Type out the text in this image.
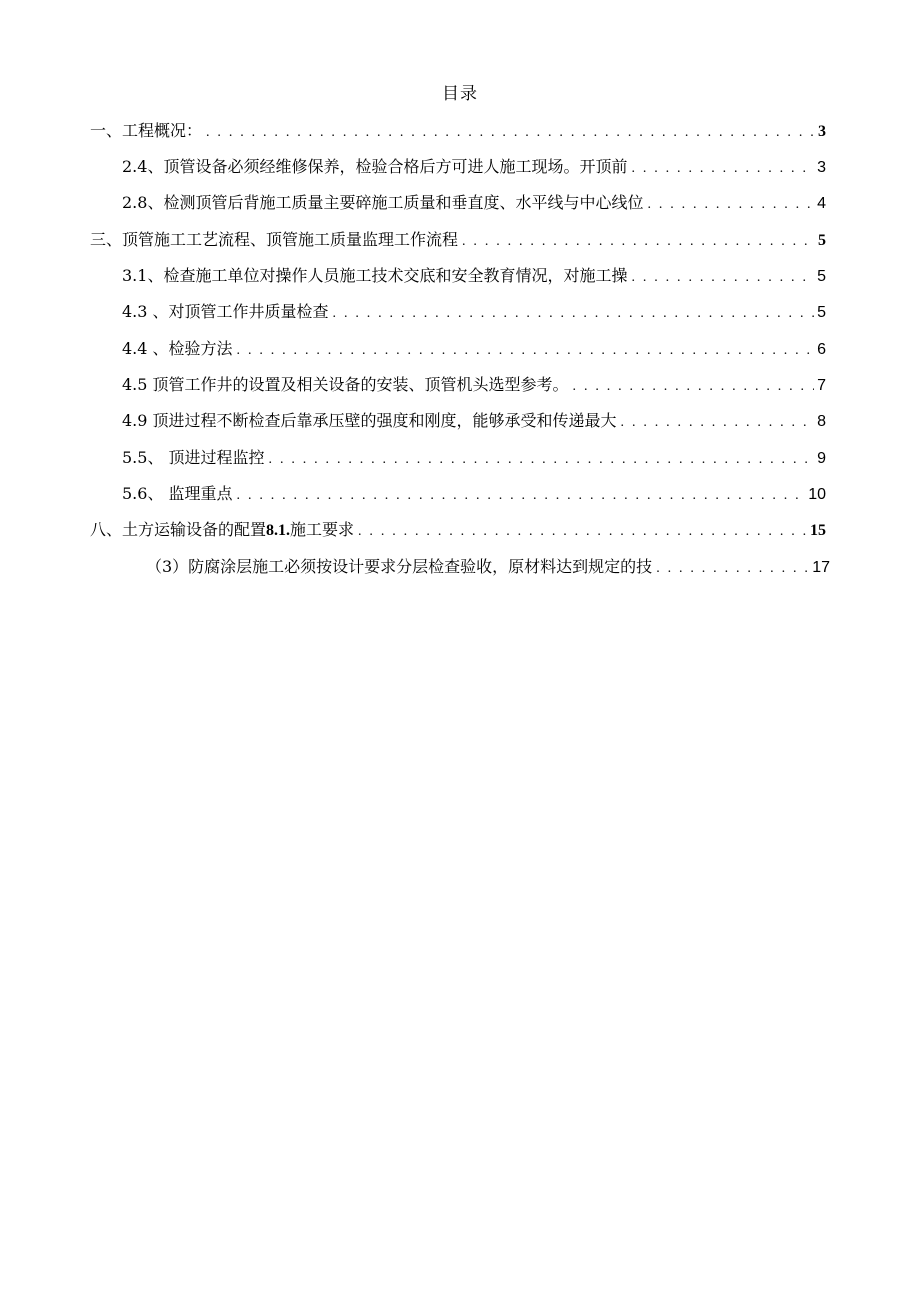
目录
一、工程概况： . . .	3
2.4、顶管设备必须经维修保养，检验合格后方可进人施工现场。开顶前 . . .	3
2.8、检测顶管后背施工质量主要碎施工质量和垂直度、水平线与中心线位 . . .	4
三、顶管施工工艺流程、顶管施工质量监理工作流程 . . .	5
3.1、检查施工单位对操作人员施工技术交底和安全教育情况，对施工操 . . .	5
4.3 、对顶管工作井质量检查 . . .	5
4.4 、检验方法 . . .	6
4.5 顶管工作井的设置及相关设备的安装、顶管机头选型参考。 . . .	7
4.9 顶进过程不断检查后靠承压壁的强度和刚度，能够承受和传递最大 . . .	8
5.5、 顶进过程监控 . . .	9
5.6、 监理重点 . . .	10
八、土方运输设备的配置 8.1. 施工要求 . . .	15
（3）防腐涂层施工必须按设计要求分层检查验收，原材料达到规定的技 . . .	17
